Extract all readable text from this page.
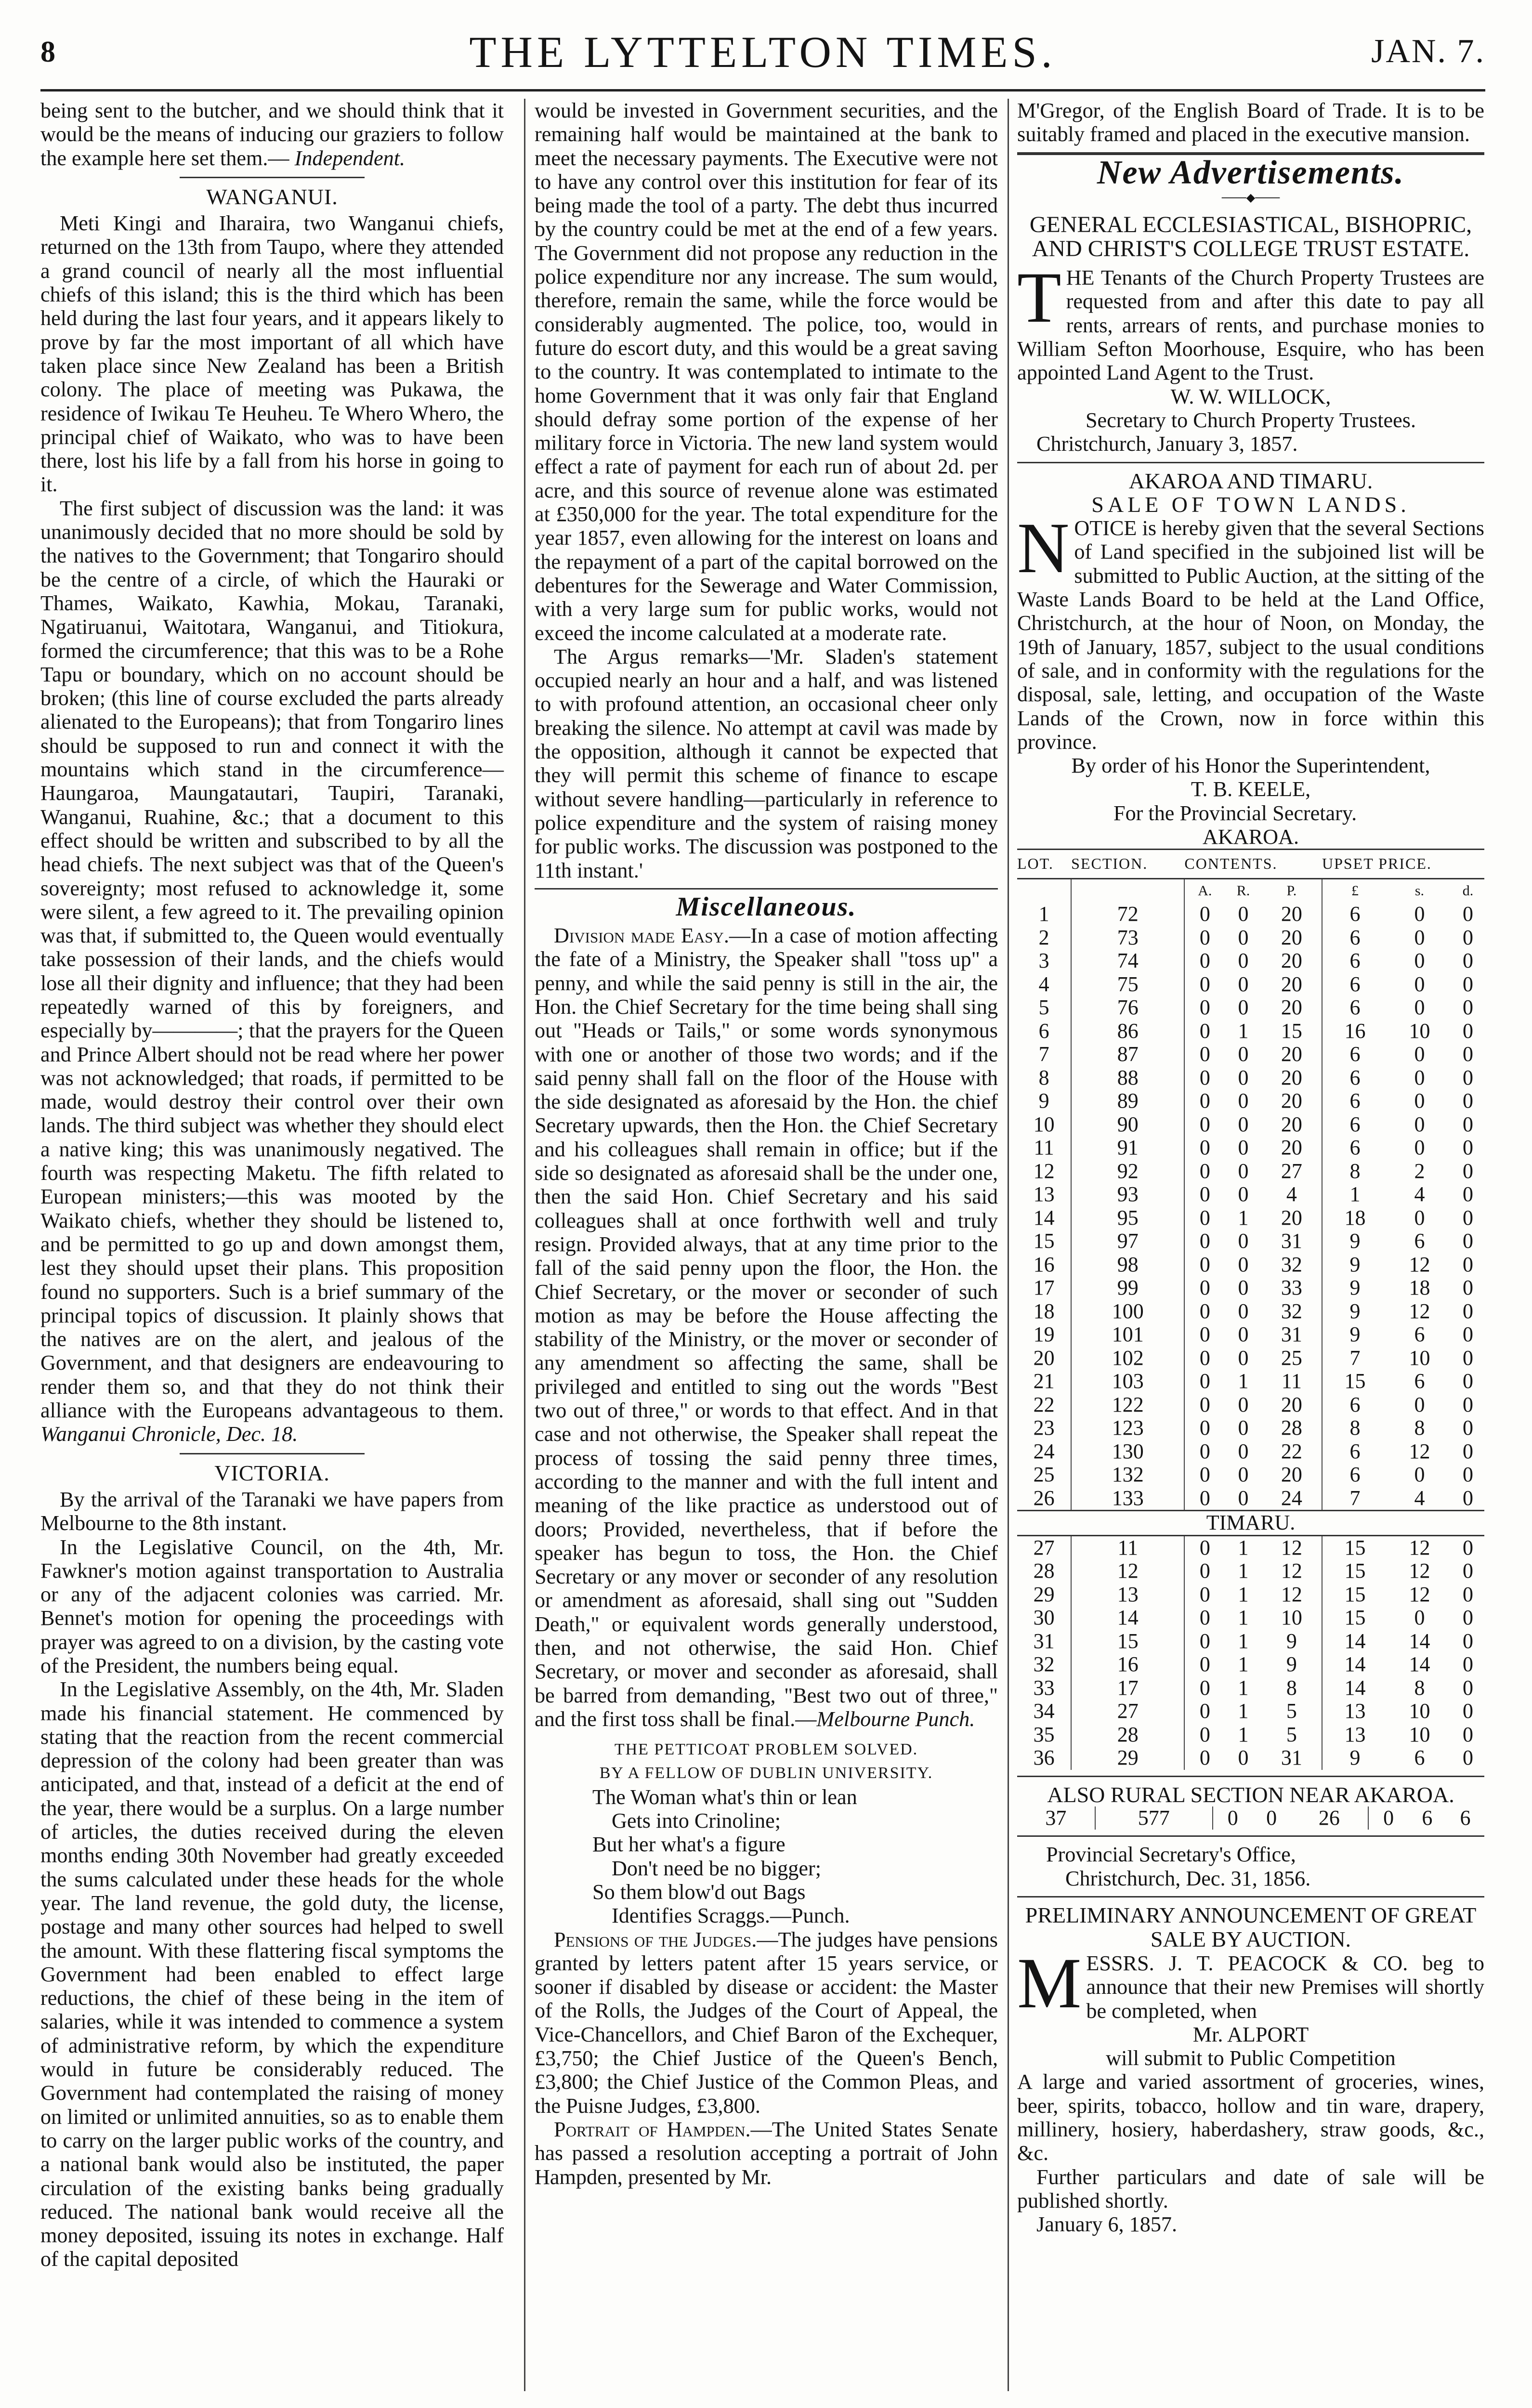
8	THE LYTTELTON TIMES.	JAN. 7.

being sent to the butcher, and we should think that it would be the means of inducing our graziers to follow the example here set them.— Independent.

WANGANUI.

Meti Kingi and Iharaira, two Wanganui chiefs, returned on the 13th from Taupo, where they attended a grand council of nearly all the most influential chiefs of this island; this is the third which has been held during the last four years, and it appears likely to prove by far the most important of all which have taken place since New Zealand has been a British colony. The place of meeting was Pukawa, the residence of Iwikau Te Heuheu. Te Whero Whero, the principal chief of Waikato, who was to have been there, lost his life by a fall from his horse in going to it.

The first subject of discussion was the land: it was unanimously decided that no more should be sold by the natives to the Government; that Tongariro should be the centre of a circle, of which the Hauraki or Thames, Waikato, Kawhia, Mokau, Taranaki, Ngatiruanui, Waitotara, Wanganui, and Titiokura, formed the circumference; that this was to be a Rohe Tapu or boundary, which on no account should be broken; (this line of course excluded the parts already alienated to the Europeans); that from Tongariro lines should be supposed to run and connect it with the mountains which stand in the circumference—Haungaroa, Maungatautari, Taupiri, Taranaki, Wanganui, Ruahine, &c.; that a document to this effect should be written and subscribed to by all the head chiefs. The next subject was that of the Queen's sovereignty; most refused to acknowledge it, some were silent, a few agreed to it. The prevailing opinion was that, if submitted to, the Queen would eventually take possession of their lands, and the chiefs would lose all their dignity and influence; that they had been repeatedly warned of this by foreigners, and especially by————; that the prayers for the Queen and Prince Albert should not be read where her power was not acknowledged; that roads, if permitted to be made, would destroy their control over their own lands. The third subject was whether they should elect a native king; this was unanimously negatived. The fourth was respecting Maketu. The fifth related to European ministers;—this was mooted by the Waikato chiefs, whether they should be listened to, and be permitted to go up and down amongst them, lest they should upset their plans. This proposition found no supporters. Such is a brief summary of the principal topics of discussion. It plainly shows that the natives are on the alert, and jealous of the Government, and that designers are endeavouring to render them so, and that they do not think their alliance with the Europeans advantageous to them. Wanganui Chronicle, Dec. 18.

VICTORIA.

By the arrival of the Taranaki we have papers from Melbourne to the 8th instant.

In the Legislative Council, on the 4th, Mr. Fawkner's motion against transportation to Australia or any of the adjacent colonies was carried. Mr. Bennet's motion for opening the proceedings with prayer was agreed to on a division, by the casting vote of the President, the numbers being equal.

In the Legislative Assembly, on the 4th, Mr. Sladen made his financial statement. He commenced by stating that the reaction from the recent commercial depression of the colony had been greater than was anticipated, and that, instead of a deficit at the end of the year, there would be a surplus. On a large number of articles, the duties received during the eleven months ending 30th November had greatly exceeded the sums calculated under these heads for the whole year. The land revenue, the gold duty, the license, postage and many other sources had helped to swell the amount. With these flattering fiscal symptoms the Government had been enabled to effect large reductions, the chief of these being in the item of salaries, while it was intended to commence a system of administrative reform, by which the expenditure would in future be considerably reduced. The Government had contemplated the raising of money on limited or unlimited annuities, so as to enable them to carry on the larger public works of the country, and a national bank would also be instituted, the paper circulation of the existing banks being gradually reduced. The national bank would receive all the money deposited, issuing its notes in exchange. Half of the capital deposited

would be invested in Government securities, and the remaining half would be maintained at the bank to meet the necessary payments. The Executive were not to have any control over this institution for fear of its being made the tool of a party. The debt thus incurred by the country could be met at the end of a few years. The Government did not propose any reduction in the police expenditure nor any increase. The sum would, therefore, remain the same, while the force would be considerably augmented. The police, too, would in future do escort duty, and this would be a great saving to the country. It was contemplated to intimate to the home Government that it was only fair that England should defray some portion of the expense of her military force in Victoria. The new land system would effect a rate of payment for each run of about 2d. per acre, and this source of revenue alone was estimated at £350,000 for the year. The total expenditure for the year 1857, even allowing for the interest on loans and the repayment of a part of the capital borrowed on the debentures for the Sewerage and Water Commission, with a very large sum for public works, would not exceed the income calculated at a moderate rate.

The Argus remarks—'Mr. Sladen's statement occupied nearly an hour and a half, and was listened to with profound attention, an occasional cheer only breaking the silence. No attempt at cavil was made by the opposition, although it cannot be expected that they will permit this scheme of finance to escape without severe handling—particularly in reference to police expenditure and the system of raising money for public works. The discussion was postponed to the 11th instant.'

Miscellaneous.

Division made Easy.—In a case of motion affecting the fate of a Ministry, the Speaker shall "toss up" a penny, and while the said penny is still in the air, the Hon. the Chief Secretary for the time being shall sing out "Heads or Tails," or some words synonymous with one or another of those two words; and if the said penny shall fall on the floor of the House with the side designated as aforesaid by the Hon. the chief Secretary upwards, then the Hon. the Chief Secretary and his colleagues shall remain in office; but if the side so designated as aforesaid shall be the under one, then the said Hon. Chief Secretary and his said colleagues shall at once forthwith well and truly resign. Provided always, that at any time prior to the fall of the said penny upon the floor, the Hon. the Chief Secretary, or the mover or seconder of such motion as may be before the House affecting the stability of the Ministry, or the mover or seconder of any amendment so affecting the same, shall be privileged and entitled to sing out the words "Best two out of three," or words to that effect. And in that case and not otherwise, the Speaker shall repeat the process of tossing the said penny three times, according to the manner and with the full intent and meaning of the like practice as understood out of doors; Provided, nevertheless, that if before the speaker has begun to toss, the Hon. the Chief Secretary or any mover or seconder of any resolution or amendment as aforesaid, shall sing out "Sudden Death," or equivalent words generally understood, then, and not otherwise, the said Hon. Chief Secretary, or mover and seconder as aforesaid, shall be barred from demanding, "Best two out of three," and the first toss shall be final.—Melbourne Punch.

THE PETTICOAT PROBLEM SOLVED.
BY A FELLOW OF DUBLIN UNIVERSITY.
The Woman what's thin or lean
Gets into Crinoline;
But her what's a figure
Don't need be no bigger;
So them blow'd out Bags
Identifies Scraggs.—Punch.

Pensions of the Judges.—The judges have pensions granted by letters patent after 15 years service, or sooner if disabled by disease or accident: the Master of the Rolls, the Judges of the Court of Appeal, the Vice-Chancellors, and Chief Baron of the Exchequer, £3,750; the Chief Justice of the Queen's Bench, £3,800; the Chief Justice of the Common Pleas, and the Puisne Judges, £3,800.

Portrait of Hampden.—The United States Senate has passed a resolution accepting a portrait of John Hampden, presented by Mr.

M'Gregor, of the English Board of Trade. It is to be suitably framed and placed in the executive mansion.

New Advertisements.
───◆───
GENERAL ECCLESIASTICAL, BISHOPRIC, AND CHRIST'S COLLEGE TRUST ESTATE.

THE Tenants of the Church Property Trustees are requested from and after this date to pay all rents, arrears of rents, and purchase monies to William Sefton Moorhouse, Esquire, who has been appointed Land Agent to the Trust.

W. W. WILLOCK,
Secretary to Church Property Trustees.
Christchurch, January 3, 1857.
AKAROA AND TIMARU.
SALE OF TOWN LANDS.

NOTICE is hereby given that the several Sections of Land specified in the subjoined list will be submitted to Public Auction, at the sitting of the Waste Lands Board to be held at the Land Office, Christchurch, at the hour of Noon, on Monday, the 19th of January, 1857, subject to the usual conditions of sale, and in conformity with the regulations for the disposal, sale, letting, and occupation of the Waste Lands of the Crown, now in force within this province.

By order of his Honor the Superintendent,
T. B. KEELE,
For the Provincial Secretary.
AKAROA.
LOT.	SECTION.	CONTENTS.			UPSET PRICE.		
		A.	R.	P.	£	s.	d.
1	72	0	0	20	6	0	0
2	73	0	0	20	6	0	0
3	74	0	0	20	6	0	0
4	75	0	0	20	6	0	0
5	76	0	0	20	6	0	0
6	86	0	1	15	16	10	0
7	87	0	0	20	6	0	0
8	88	0	0	20	6	0	0
9	89	0	0	20	6	0	0
10	90	0	0	20	6	0	0
11	91	0	0	20	6	0	0
12	92	0	0	27	8	2	0
13	93	0	0	4	1	4	0
14	95	0	1	20	18	0	0
15	97	0	0	31	9	6	0
16	98	0	0	32	9	12	0
17	99	0	0	33	9	18	0
18	100	0	0	32	9	12	0
19	101	0	0	31	9	6	0
20	102	0	0	25	7	10	0
21	103	0	1	11	15	6	0
22	122	0	0	20	6	0	0
23	123	0	0	28	8	8	0
24	130	0	0	22	6	12	0
25	132	0	0	20	6	0	0
26	133	0	0	24	7	4	0
TIMARU.							
27	11	0	1	12	15	12	0
28	12	0	1	12	15	12	0
29	13	0	1	12	15	12	0
30	14	0	1	10	15	0	0
31	15	0	1	9	14	14	0
32	16	0	1	9	14	14	0
33	17	0	1	8	14	8	0
34	27	0	1	5	13	10	0
35	28	0	1	5	13	10	0
36	29	0	0	31	9	6	0
ALSO RURAL SECTION NEAR AKAROA.
37	577	0	0	26	0	6	6
Provincial Secretary's Office,
Christchurch, Dec. 31, 1856.
PRELIMINARY ANNOUNCEMENT OF GREAT SALE BY AUCTION.

MESSRS. J. T. PEACOCK & CO. beg to announce that their new Premises will shortly be completed, when

Mr. ALPORT
will submit to Public Competition

A large and varied assortment of groceries, wines, beer, spirits, tobacco, hollow and tin ware, drapery, millinery, hosiery, haberdashery, straw goods, &c., &c.

Further particulars and date of sale will be published shortly.

January 6, 1857.
